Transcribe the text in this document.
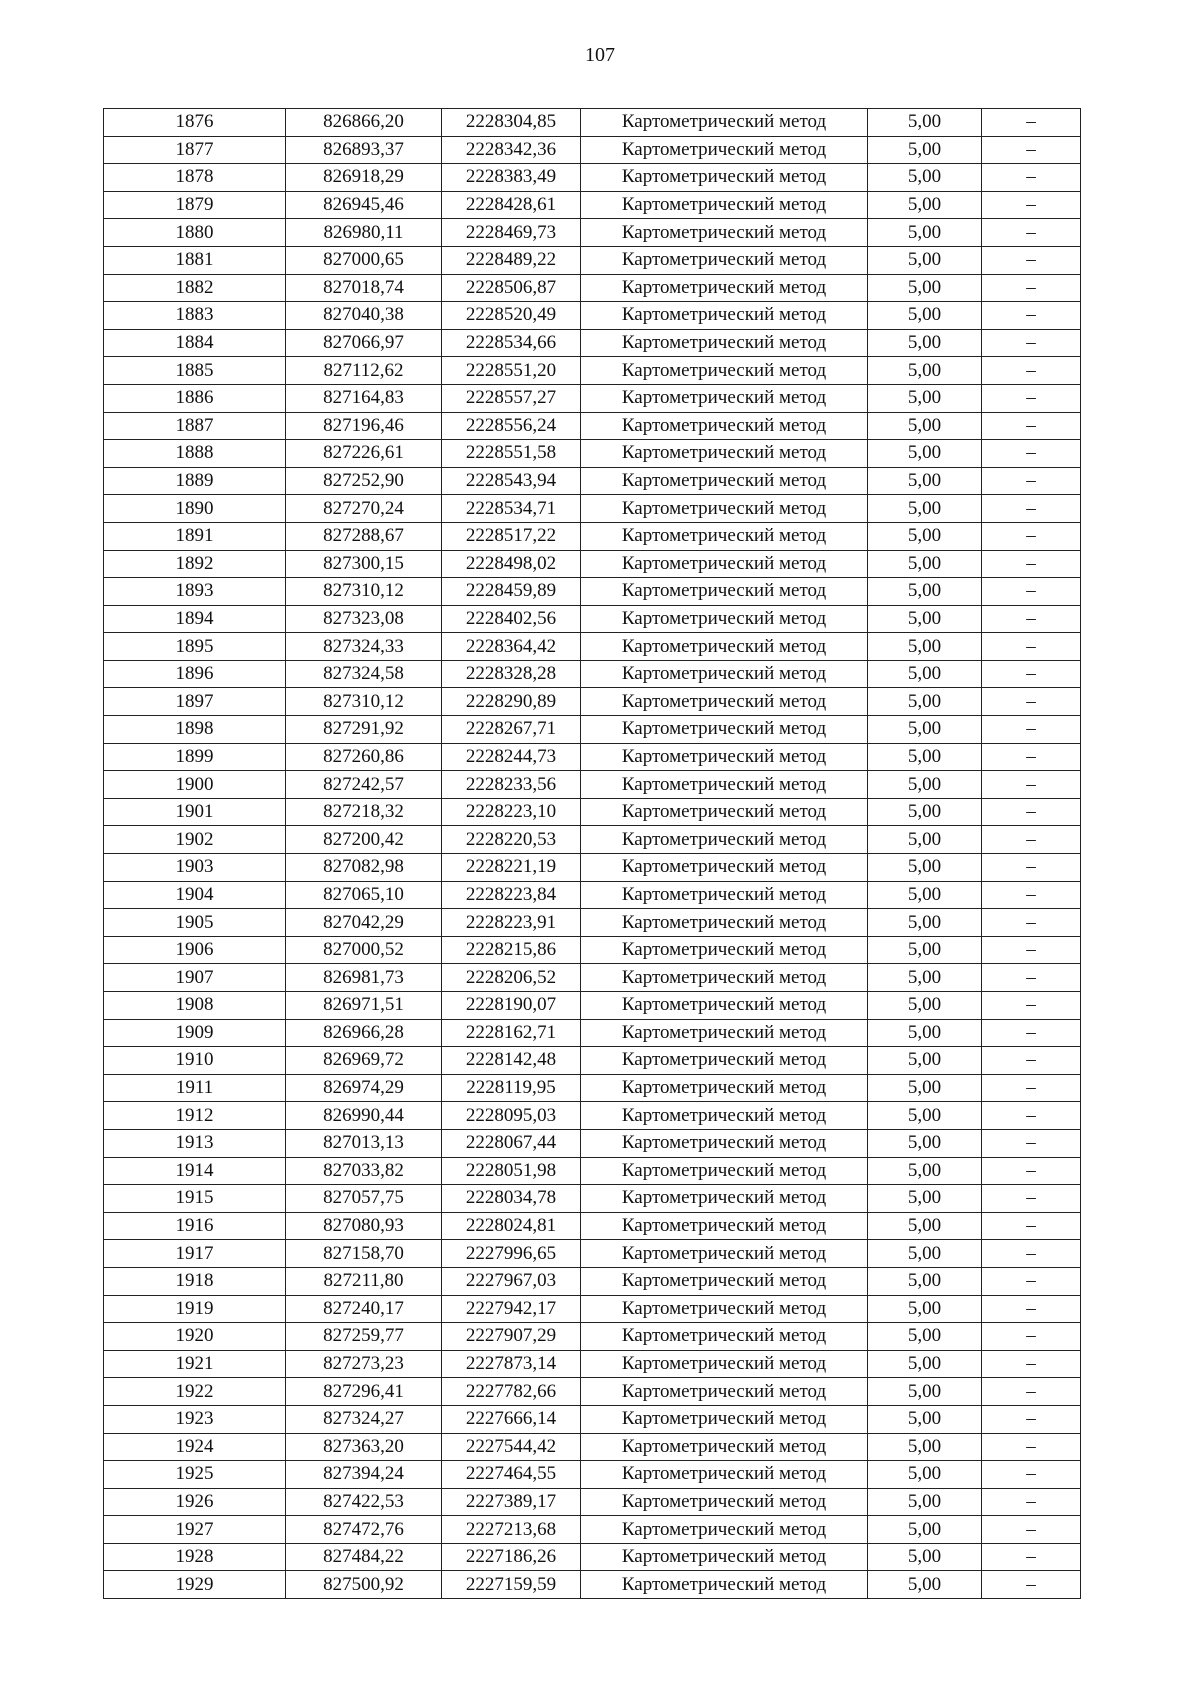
107
1876	826866,20	2228304,85	Картометрический метод	5,00	–
1877	826893,37	2228342,36	Картометрический метод	5,00	–
1878	826918,29	2228383,49	Картометрический метод	5,00	–
1879	826945,46	2228428,61	Картометрический метод	5,00	–
1880	826980,11	2228469,73	Картометрический метод	5,00	–
1881	827000,65	2228489,22	Картометрический метод	5,00	–
1882	827018,74	2228506,87	Картометрический метод	5,00	–
1883	827040,38	2228520,49	Картометрический метод	5,00	–
1884	827066,97	2228534,66	Картометрический метод	5,00	–
1885	827112,62	2228551,20	Картометрический метод	5,00	–
1886	827164,83	2228557,27	Картометрический метод	5,00	–
1887	827196,46	2228556,24	Картометрический метод	5,00	–
1888	827226,61	2228551,58	Картометрический метод	5,00	–
1889	827252,90	2228543,94	Картометрический метод	5,00	–
1890	827270,24	2228534,71	Картометрический метод	5,00	–
1891	827288,67	2228517,22	Картометрический метод	5,00	–
1892	827300,15	2228498,02	Картометрический метод	5,00	–
1893	827310,12	2228459,89	Картометрический метод	5,00	–
1894	827323,08	2228402,56	Картометрический метод	5,00	–
1895	827324,33	2228364,42	Картометрический метод	5,00	–
1896	827324,58	2228328,28	Картометрический метод	5,00	–
1897	827310,12	2228290,89	Картометрический метод	5,00	–
1898	827291,92	2228267,71	Картометрический метод	5,00	–
1899	827260,86	2228244,73	Картометрический метод	5,00	–
1900	827242,57	2228233,56	Картометрический метод	5,00	–
1901	827218,32	2228223,10	Картометрический метод	5,00	–
1902	827200,42	2228220,53	Картометрический метод	5,00	–
1903	827082,98	2228221,19	Картометрический метод	5,00	–
1904	827065,10	2228223,84	Картометрический метод	5,00	–
1905	827042,29	2228223,91	Картометрический метод	5,00	–
1906	827000,52	2228215,86	Картометрический метод	5,00	–
1907	826981,73	2228206,52	Картометрический метод	5,00	–
1908	826971,51	2228190,07	Картометрический метод	5,00	–
1909	826966,28	2228162,71	Картометрический метод	5,00	–
1910	826969,72	2228142,48	Картометрический метод	5,00	–
1911	826974,29	2228119,95	Картометрический метод	5,00	–
1912	826990,44	2228095,03	Картометрический метод	5,00	–
1913	827013,13	2228067,44	Картометрический метод	5,00	–
1914	827033,82	2228051,98	Картометрический метод	5,00	–
1915	827057,75	2228034,78	Картометрический метод	5,00	–
1916	827080,93	2228024,81	Картометрический метод	5,00	–
1917	827158,70	2227996,65	Картометрический метод	5,00	–
1918	827211,80	2227967,03	Картометрический метод	5,00	–
1919	827240,17	2227942,17	Картометрический метод	5,00	–
1920	827259,77	2227907,29	Картометрический метод	5,00	–
1921	827273,23	2227873,14	Картометрический метод	5,00	–
1922	827296,41	2227782,66	Картометрический метод	5,00	–
1923	827324,27	2227666,14	Картометрический метод	5,00	–
1924	827363,20	2227544,42	Картометрический метод	5,00	–
1925	827394,24	2227464,55	Картометрический метод	5,00	–
1926	827422,53	2227389,17	Картометрический метод	5,00	–
1927	827472,76	2227213,68	Картометрический метод	5,00	–
1928	827484,22	2227186,26	Картометрический метод	5,00	–
1929	827500,92	2227159,59	Картометрический метод	5,00	–
